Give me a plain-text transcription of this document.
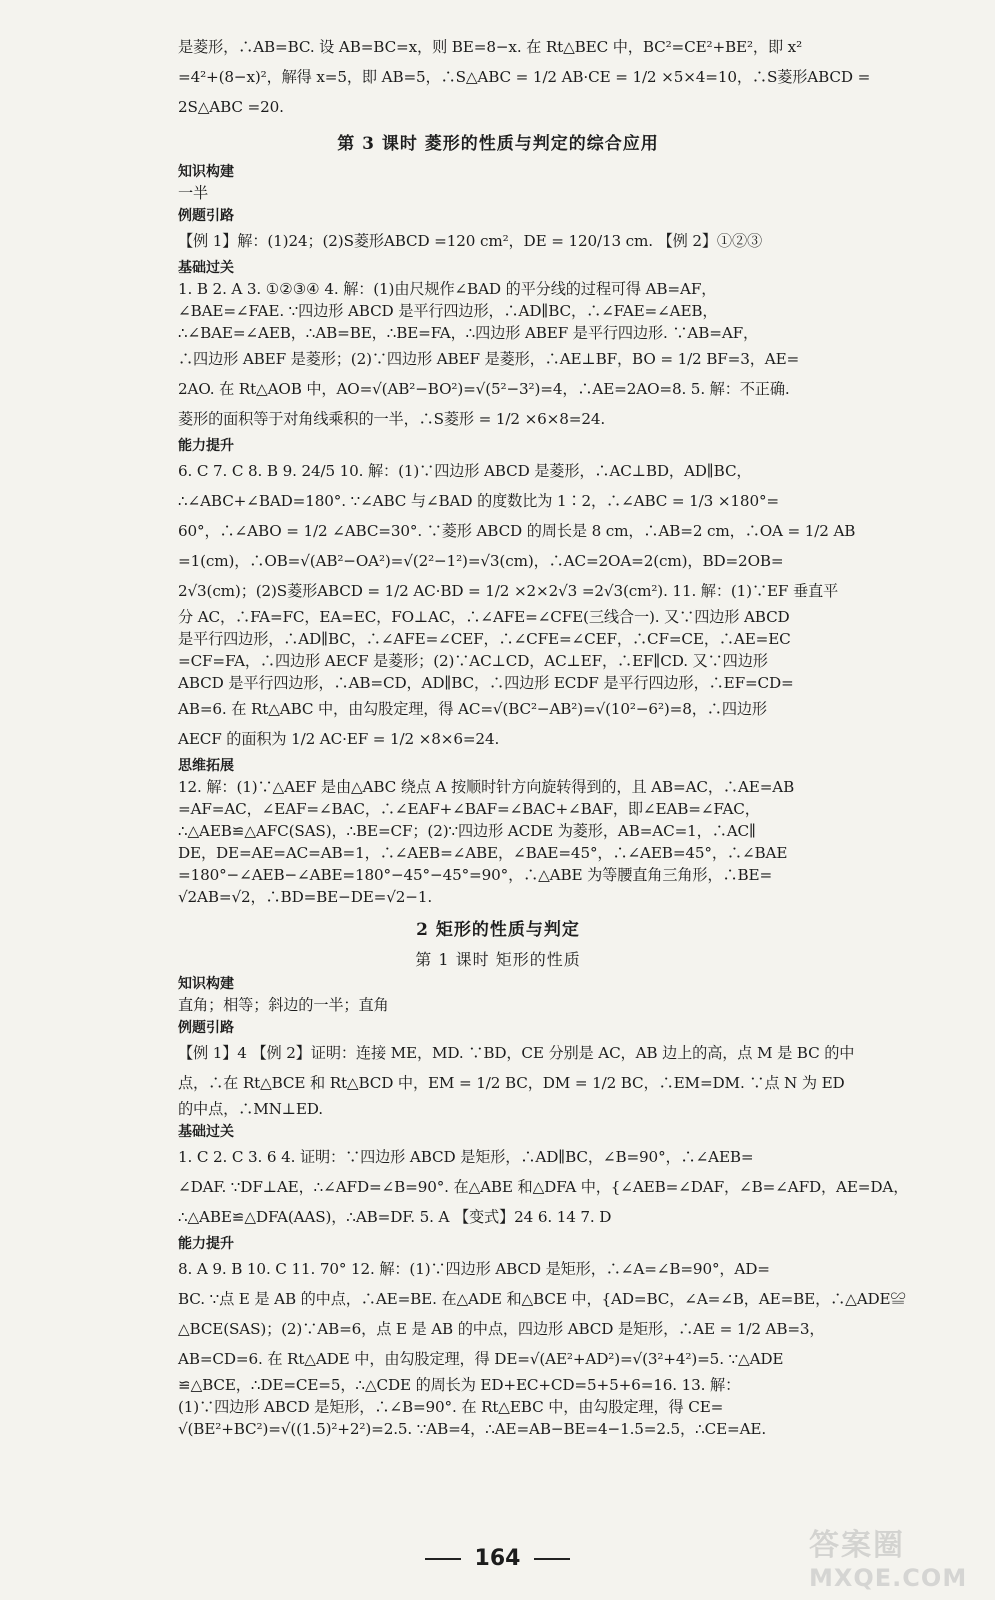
是菱形，∴AB=BC. 设 AB=BC=x，则 BE=8−x. 在 Rt△BEC 中，BC²=CE²+BE²，即 x²
=4²+(8−x)²，解得 x=5，即 AB=5，∴S△ABC = 1/2 AB·CE = 1/2 ×5×4=10，∴S菱形ABCD =
2S△ABC =20.
第 3 课时 菱形的性质与判定的综合应用
知识构建
一半
例题引路
【例 1】解：(1)24；(2)S菱形ABCD =120 cm²，DE = 120/13 cm. 【例 2】①②③
基础过关
1. B 2. A 3. ①②③④ 4. 解：(1)由尺规作∠BAD 的平分线的过程可得 AB=AF，
∠BAE=∠FAE. ∵四边形 ABCD 是平行四边形，∴AD∥BC，∴∠FAE=∠AEB，
∴∠BAE=∠AEB，∴AB=BE，∴BE=FA，∴四边形 ABEF 是平行四边形. ∵AB=AF，
∴四边形 ABEF 是菱形；(2)∵四边形 ABEF 是菱形，∴AE⊥BF，BO = 1/2 BF=3，AE=
2AO. 在 Rt△AOB 中，AO=√(AB²−BO²)=√(5²−3²)=4，∴AE=2AO=8. 5. 解：不正确.
菱形的面积等于对角线乘积的一半，∴S菱形 = 1/2 ×6×8=24.
能力提升
6. C 7. C 8. B 9. 24/5 10. 解：(1)∵四边形 ABCD 是菱形，∴AC⊥BD，AD∥BC，
∴∠ABC+∠BAD=180°. ∵∠ABC 与∠BAD 的度数比为 1∶2，∴∠ABC = 1/3 ×180°=
60°，∴∠ABO = 1/2 ∠ABC=30°. ∵菱形 ABCD 的周长是 8 cm，∴AB=2 cm，∴OA = 1/2 AB
=1(cm)，∴OB=√(AB²−OA²)=√(2²−1²)=√3(cm)，∴AC=2OA=2(cm)，BD=2OB=
2√3(cm)；(2)S菱形ABCD = 1/2 AC·BD = 1/2 ×2×2√3 =2√3(cm²). 11. 解：(1)∵EF 垂直平
分 AC，∴FA=FC，EA=EC，FO⊥AC，∴∠AFE=∠CFE(三线合一). 又∵四边形 ABCD
是平行四边形，∴AD∥BC，∴∠AFE=∠CEF，∴∠CFE=∠CEF，∴CF=CE，∴AE=EC
=CF=FA，∴四边形 AECF 是菱形；(2)∵AC⊥CD，AC⊥EF，∴EF∥CD. 又∵四边形
ABCD 是平行四边形，∴AB=CD，AD∥BC，∴四边形 ECDF 是平行四边形，∴EF=CD=
AB=6. 在 Rt△ABC 中，由勾股定理，得 AC=√(BC²−AB²)=√(10²−6²)=8，∴四边形
AECF 的面积为 1/2 AC·EF = 1/2 ×8×6=24.
思维拓展
12. 解：(1)∵△AEF 是由△ABC 绕点 A 按顺时针方向旋转得到的，且 AB=AC，∴AE=AB
=AF=AC，∠EAF=∠BAC，∴∠EAF+∠BAF=∠BAC+∠BAF，即∠EAB=∠FAC，
∴△AEB≌△AFC(SAS)，∴BE=CF；(2)∵四边形 ACDE 为菱形，AB=AC=1，∴AC∥
DE，DE=AE=AC=AB=1，∴∠AEB=∠ABE，∠BAE=45°，∴∠AEB=45°，∴∠BAE
=180°−∠AEB−∠ABE=180°−45°−45°=90°，∴△ABE 为等腰直角三角形，∴BE=
√2AB=√2，∴BD=BE−DE=√2−1.
2 矩形的性质与判定
第 1 课时 矩形的性质
知识构建
直角；相等；斜边的一半；直角
例题引路
【例 1】4 【例 2】证明：连接 ME，MD. ∵BD，CE 分别是 AC，AB 边上的高，点 M 是 BC 的中
点，∴在 Rt△BCE 和 Rt△BCD 中，EM = 1/2 BC，DM = 1/2 BC，∴EM=DM. ∵点 N 为 ED
的中点，∴MN⊥ED.
基础过关
1. C 2. C 3. 6 4. 证明：∵四边形 ABCD 是矩形，∴AD∥BC，∠B=90°，∴∠AEB=
∠DAF. ∵DF⊥AE，∴∠AFD=∠B=90°. 在△ABE 和△DFA 中，{∠AEB=∠DAF，∠B=∠AFD，AE=DA，
∴△ABE≌△DFA(AAS)，∴AB=DF. 5. A 【变式】24 6. 14 7. D
能力提升
8. A 9. B 10. C 11. 70° 12. 解：(1)∵四边形 ABCD 是矩形，∴∠A=∠B=90°，AD=
BC. ∵点 E 是 AB 的中点，∴AE=BE. 在△ADE 和△BCE 中，{AD=BC，∠A=∠B，AE=BE，∴△ADE≌
△BCE(SAS)；(2)∵AB=6，点 E 是 AB 的中点，四边形 ABCD 是矩形，∴AE = 1/2 AB=3，
AB=CD=6. 在 Rt△ADE 中，由勾股定理，得 DE=√(AE²+AD²)=√(3²+4²)=5. ∵△ADE
≌△BCE，∴DE=CE=5，∴△CDE 的周长为 ED+EC+CD=5+5+6=16. 13. 解：
(1)∵四边形 ABCD 是矩形，∴∠B=90°. 在 Rt△EBC 中，由勾股定理，得 CE=
√(BE²+BC²)=√((1.5)²+2²)=2.5. ∵AB=4，∴AE=AB−BE=4−1.5=2.5，∴CE=AE.
164	答案圈
MXQE.COM
